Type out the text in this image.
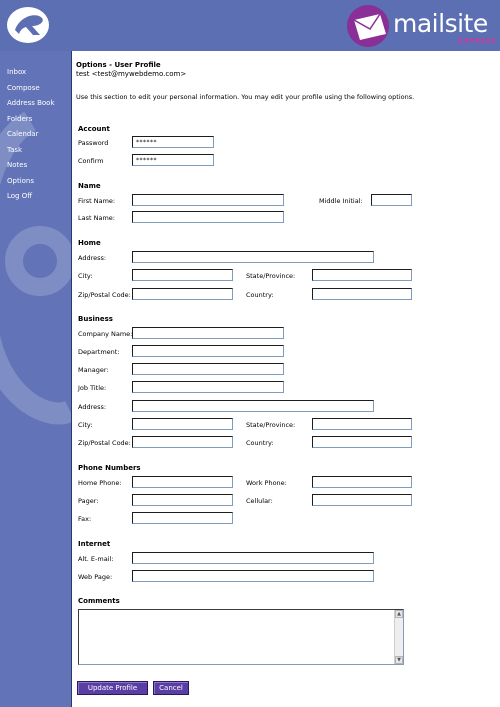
mailsite
EXPRESS
Inbox
Compose
Address Book
Folders
Calendar
Task
Notes
Options
Log Off
Options - User Profile
test <test@mywebdemo.com>
Use this section to edit your personal information. You may edit your profile using the following options.
Account
Password
******
Confirm
******
Name
First Name:	Middle Initial:
Last Name:
Home
Address:
City:	State/Province:
Zip/Postal Code:	Country:
Business
Company Name:
Department:
Manager:
Job Title:
Address:
City:	State/Province:
Zip/Postal Code:	Country:
Phone Numbers
Home Phone:	Work Phone:
Pager:	Cellular:
Fax:
Internet
Alt. E-mail:
Web Page:
Comments
▲
▼
Update Profile	Cancel
